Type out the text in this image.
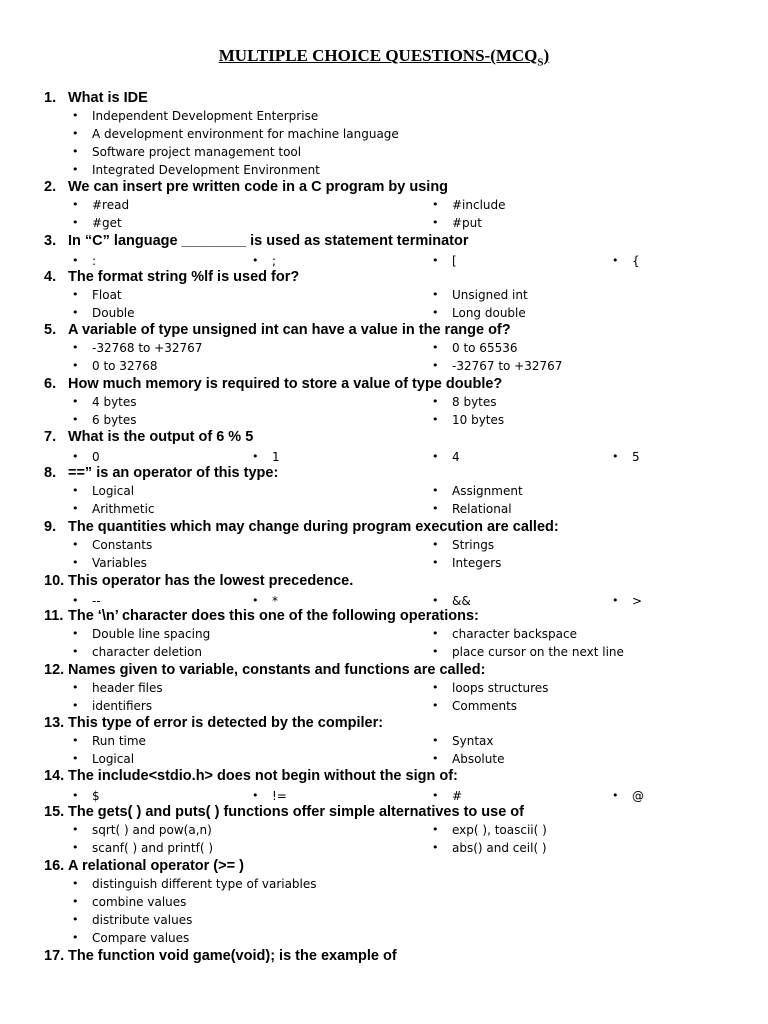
MULTIPLE CHOICE QUESTIONS-$(MCQ_S)$
1. What is IDE
• Independent Development Enterprise
• A development environment for machine language
• Software project management tool
• Integrated Development Environment
2. We can insert pre written code in a C program by using
• #read	• #include
• #get	• #put
3. In “C” language ________ is used as statement terminator
• :	• ;	• [	• {
4. The format string %lf is used for?
• Float	• Unsigned int
• Double	• Long double
5. A variable of type unsigned int can have a value in the range of?
• -32768 to +32767	• 0 to 65536
• 0 to 32768	• -32767 to +32767
6. How much memory is required to store a value of type double?
• 4 bytes	• 8 bytes
• 6 bytes	• 10 bytes
7. What is the output of 6 % 5
• 0	• 1	• 4	• 5
8. ==” is an operator of this type:
• Logical	• Assignment
• Arithmetic	• Relational
9. The quantities which may change during program execution are called:
• Constants	• Strings
• Variables	• Integers
10. This operator has the lowest precedence.
• --	• *	• &&	• >
11. The ‘\n’ character does this one of the following operations:
• Double line spacing	• character backspace
• character deletion	• place cursor on the next line
12. Names given to variable, constants and functions are called:
• header files	• loops structures
• identifiers	• Comments
13. This type of error is detected by the compiler:
• Run time	• Syntax
• Logical	• Absolute
14. The include<stdio.h> does not begin without the sign of:
• $	• !=	• #	• @
15. The gets( ) and puts( ) functions offer simple alternatives to use of
• sqrt( ) and pow(a,n)	• exp( ), toascii( )
• scanf( ) and printf( )	• abs() and ceil( )
16. A relational operator (>= )
• distinguish different type of variables
• combine values
• distribute values
• Compare values
17. The function void game(void); is the example of
